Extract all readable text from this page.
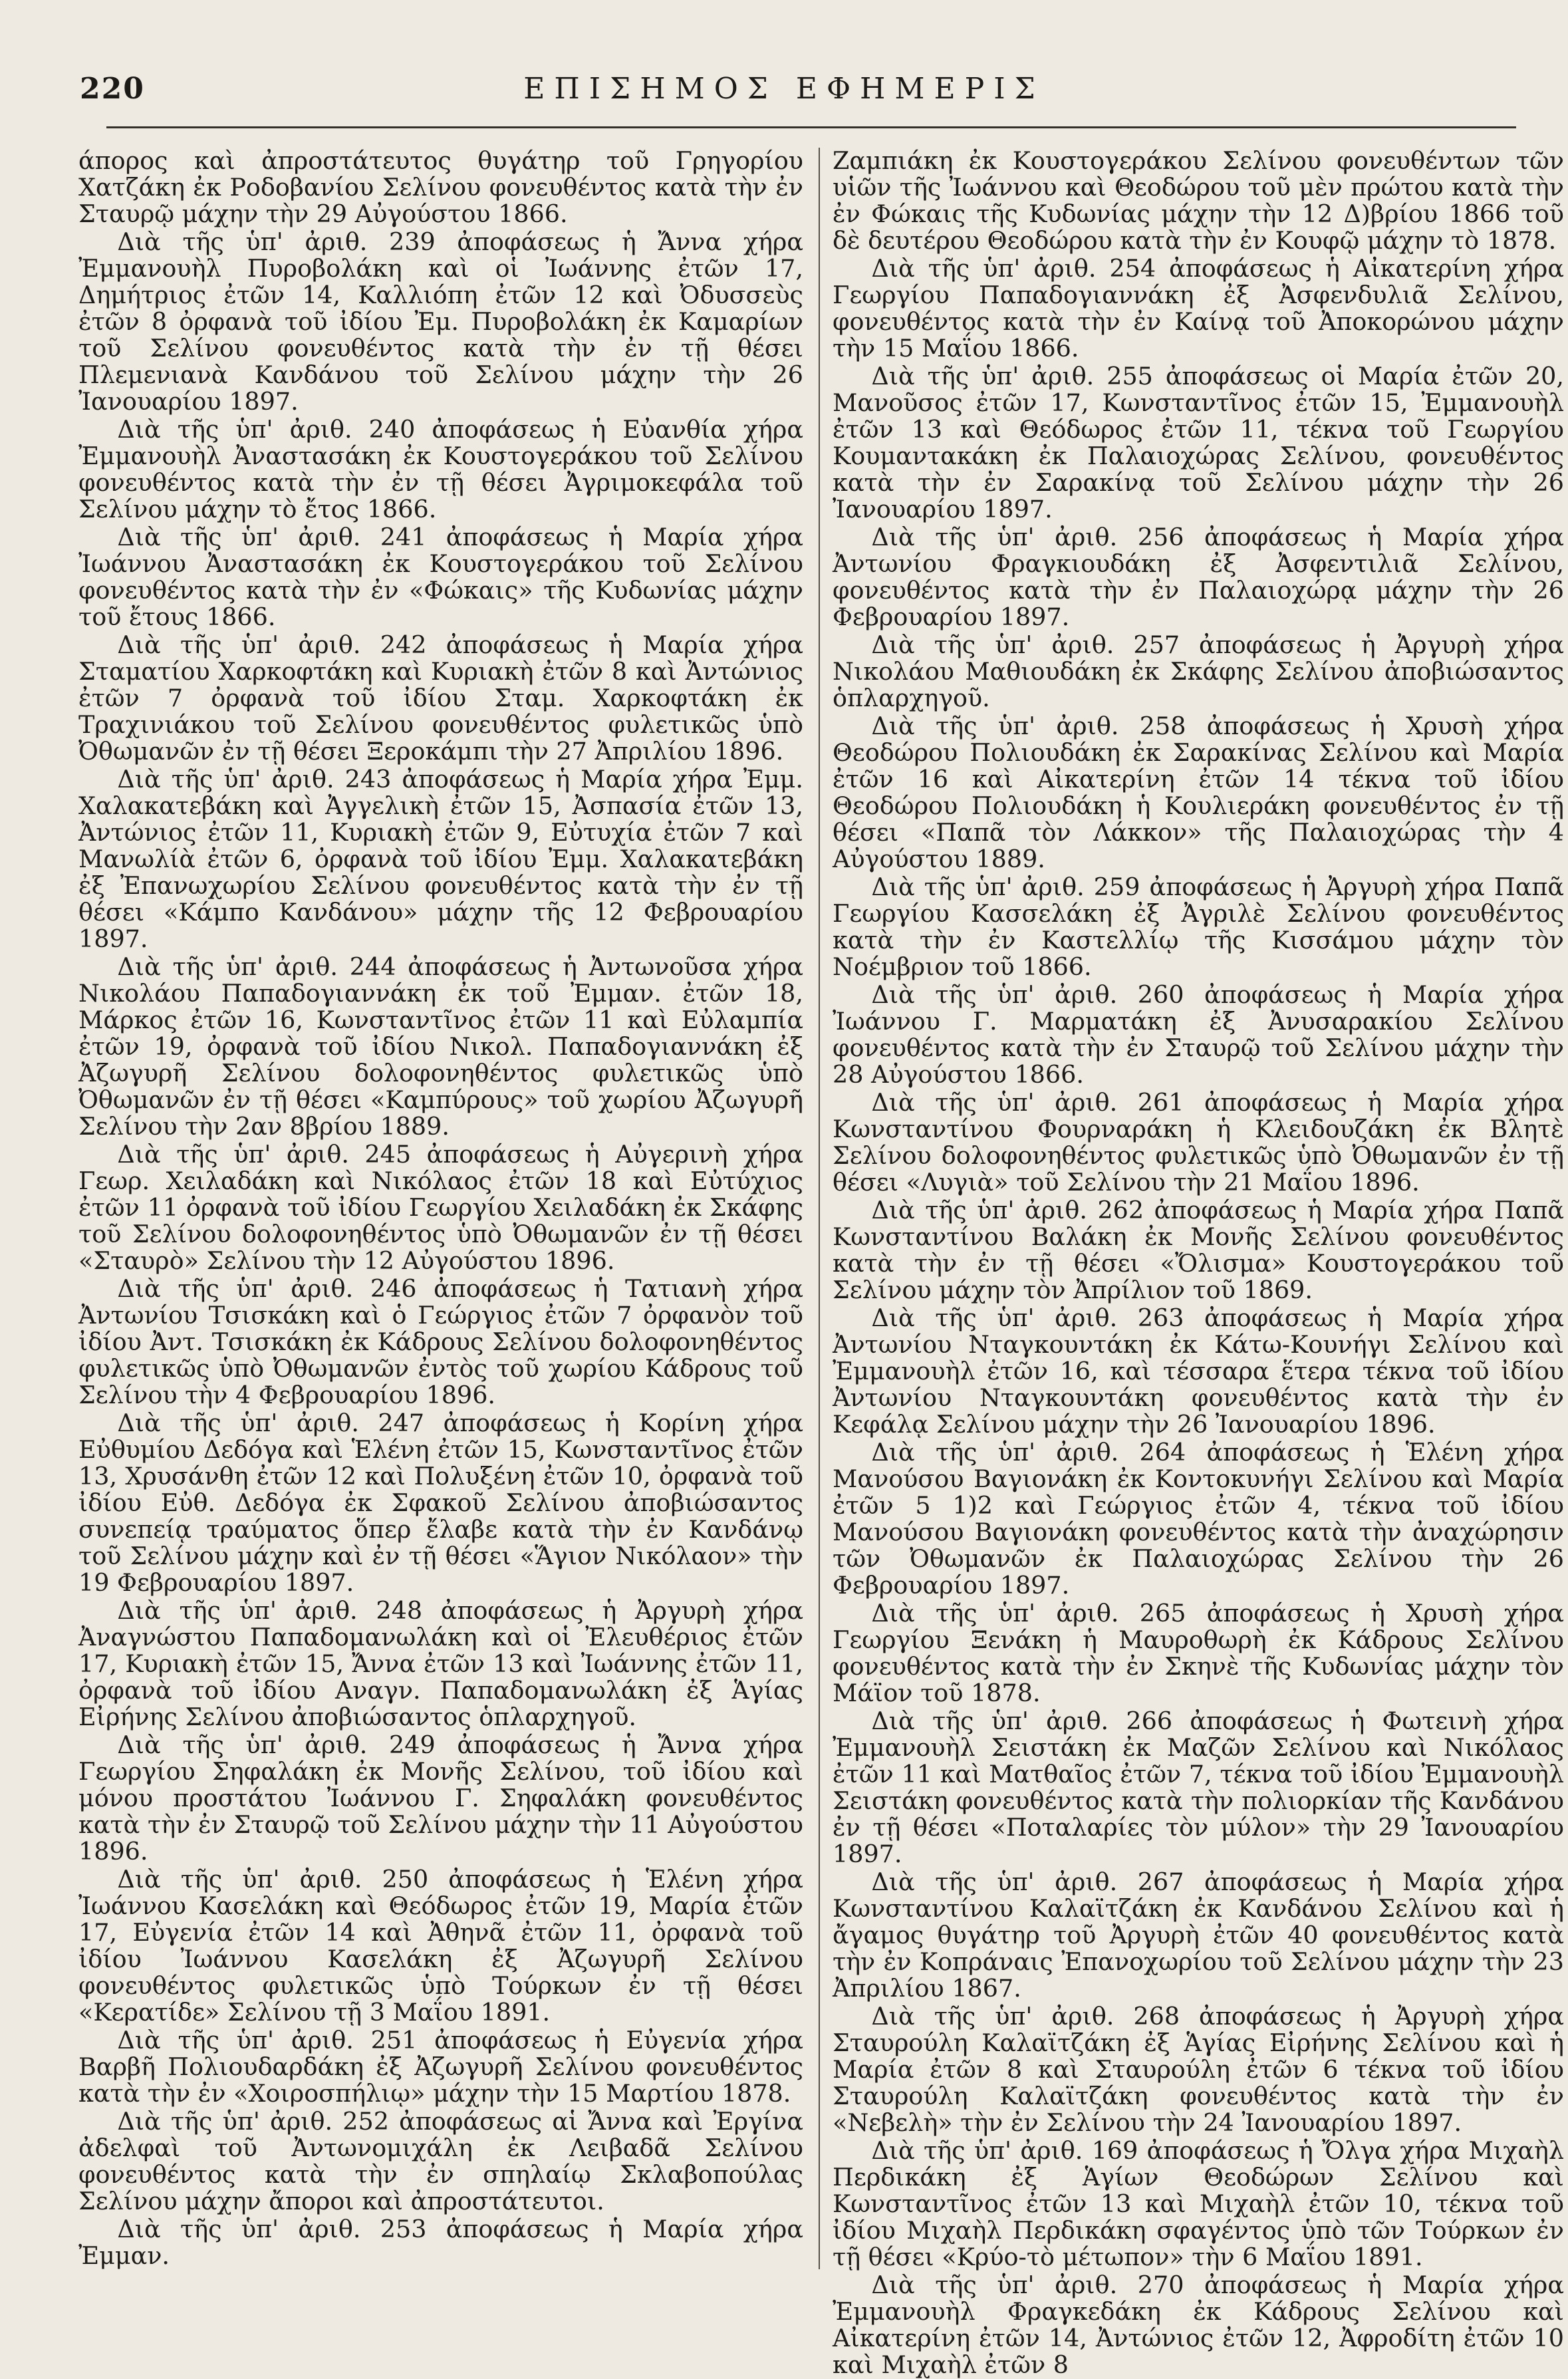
220	ΕΠΙΣΗΜΟΣ ΕΦΗΜΕΡΙΣ

άπορος καὶ ἀπροστάτευτος θυγάτηρ τοῦ Γρηγορίου Χατζάκη ἐκ Ροδοβανίου Σελίνου φονευθέντος κατὰ τὴν ἐν Σταυρῷ μάχην τὴν 29 Αὐγούστου 1866.

Διὰ τῆς ὑπ' ἀριθ. 239 ἀποφάσεως ἡ Ἄννα χήρα Ἐμμανουὴλ Πυροβολάκη καὶ οἱ Ἰωάννης ἐτῶν 17, Δημήτριος ἐτῶν 14, Καλλιόπη ἐτῶν 12 καὶ Ὀδυσσεὺς ἐτῶν 8 ὀρφανὰ τοῦ ἰδίου Ἐμ. Πυροβολάκη ἐκ Καμαρίων τοῦ Σελίνου φονευθέντος κατὰ τὴν ἐν τῇ θέσει Πλεμενιανὰ Κανδάνου τοῦ Σελίνου μάχην τὴν 26 Ἰανουαρίου 1897.

Διὰ τῆς ὑπ' ἀριθ. 240 ἀποφάσεως ἡ Εὐανθία χήρα Ἐμμανουὴλ Ἀναστασάκη ἐκ Κουστογεράκου τοῦ Σελίνου φονευθέντος κατὰ τὴν ἐν τῇ θέσει Ἀγριμοκεφάλα τοῦ Σελίνου μάχην τὸ ἔτος 1866.

Διὰ τῆς ὑπ' ἀριθ. 241 ἀποφάσεως ἡ Μαρία χήρα Ἰωάννου Ἀναστασάκη ἐκ Κουστογεράκου τοῦ Σελίνου φονευθέντος κατὰ τὴν ἐν «Φώκαις» τῆς Κυδωνίας μάχην τοῦ ἔτους 1866.

Διὰ τῆς ὑπ' ἀριθ. 242 ἀποφάσεως ἡ Μαρία χήρα Σταματίου Χαρκοφτάκη καὶ Κυριακὴ ἐτῶν 8 καὶ Ἀντώνιος ἐτῶν 7 ὀρφανὰ τοῦ ἰδίου Σταμ. Χαρκοφτάκη ἐκ Τραχινιάκου τοῦ Σελίνου φονευθέντος φυλετικῶς ὑπὸ Ὀθωμανῶν ἐν τῇ θέσει Ξεροκάμπι τὴν 27 Ἀπριλίου 1896.

Διὰ τῆς ὑπ' ἀριθ. 243 ἀποφάσεως ἡ Μαρία χήρα Ἐμμ. Χαλακατεβάκη καὶ Ἀγγελικὴ ἐτῶν 15, Ἀσπασία ἐτῶν 13, Ἀντώνιος ἐτῶν 11, Κυριακὴ ἐτῶν 9, Εὐτυχία ἐτῶν 7 καὶ Μανωλίὰ ἐτῶν 6, ὀρφανὰ τοῦ ἰδίου Ἐμμ. Χαλακατεβάκη ἐξ Ἐπανωχωρίου Σελίνου φονευθέντος κατὰ τὴν ἐν τῇ θέσει «Κάμπο Κανδάνου» μάχην τῆς 12 Φεβρουαρίου 1897.

Διὰ τῆς ὑπ' ἀριθ. 244 ἀποφάσεως ἡ Ἀντωνοῦσα χήρα Νικολάου Παπαδογιαννάκη ἐκ τοῦ Ἐμμαν. ἐτῶν 18, Μάρκος ἐτῶν 16, Κωνσταντῖνος ἐτῶν 11 καὶ Εὐλαμπία ἐτῶν 19, ὀρφανὰ τοῦ ἰδίου Νικολ. Παπαδογιαννάκη ἐξ Ἀζωγυρῆ Σελίνου δολοφονηθέντος φυλετικῶς ὑπὸ Ὀθωμανῶν ἐν τῇ θέσει «Καμπύρους» τοῦ χωρίου Ἀζωγυρῆ Σελίνου τὴν 2αν 8βρίου 1889.

Διὰ τῆς ὑπ' ἀριθ. 245 ἀποφάσεως ἡ Αὐγερινὴ χήρα Γεωρ. Χειλαδάκη καὶ Νικόλαος ἐτῶν 18 καὶ Εὐτύχιος ἐτῶν 11 ὀρφανὰ τοῦ ἰδίου Γεωργίου Χειλαδάκη ἐκ Σκάφης τοῦ Σελίνου δολοφονηθέντος ὑπὸ Ὀθωμανῶν ἐν τῇ θέσει «Σταυρὸ» Σελίνου τὴν 12 Αὐγούστου 1896.

Διὰ τῆς ὑπ' ἀριθ. 246 ἀποφάσεως ἡ Τατιανὴ χήρα Ἀντωνίου Τσισκάκη καὶ ὁ Γεώργιος ἐτῶν 7 ὀρφανὸν τοῦ ἰδίου Ἀντ. Τσισκάκη ἐκ Κάδρους Σελίνου δολοφονηθέντος φυλετικῶς ὑπὸ Ὀθωμανῶν ἐντὸς τοῦ χωρίου Κάδρους τοῦ Σελίνου τὴν 4 Φεβρουαρίου 1896.

Διὰ τῆς ὑπ' ἀριθ. 247 ἀποφάσεως ἡ Κορίνη χήρα Εὐθυμίου Δεδόγα καὶ Ἑλένη ἐτῶν 15, Κωνσταντῖνος ἐτῶν 13, Χρυσάνθη ἐτῶν 12 καὶ Πολυξένη ἐτῶν 10, ὀρφανὰ τοῦ ἰδίου Εὐθ. Δεδόγα ἐκ Σφακοῦ Σελίνου ἀποβιώσαντος συνεπείᾳ τραύματος ὅπερ ἔλαβε κατὰ τὴν ἐν Κανδάνῳ τοῦ Σελίνου μάχην καὶ ἐν τῇ θέσει «Ἅγιον Νικόλαον» τὴν 19 Φεβρουαρίου 1897.

Διὰ τῆς ὑπ' ἀριθ. 248 ἀποφάσεως ἡ Ἀργυρὴ χήρα Ἀναγνώστου Παπαδομανωλάκη καὶ οἱ Ἐλευθέριος ἐτῶν 17, Κυριακὴ ἐτῶν 15, Ἄννα ἐτῶν 13 καὶ Ἰωάννης ἐτῶν 11, ὀρφανὰ τοῦ ἰδίου Αναγν. Παπαδομανωλάκη ἐξ Ἁγίας Εἰρήνης Σελίνου ἀποβιώσαντος ὁπλαρχηγοῦ.

Διὰ τῆς ὑπ' ἀριθ. 249 ἀποφάσεως ἡ Ἄννα χήρα Γεωργίου Σηφαλάκη ἐκ Μονῆς Σελίνου, τοῦ ἰδίου καὶ μόνου προστάτου Ἰωάννου Γ. Σηφαλάκη φονευθέντος κατὰ τὴν ἐν Σταυρῷ τοῦ Σελίνου μάχην τὴν 11 Αὐγούστου 1896.

Διὰ τῆς ὑπ' ἀριθ. 250 ἀποφάσεως ἡ Ἑλένη χήρα Ἰωάννου Κασελάκη καὶ Θεόδωρος ἐτῶν 19, Μαρία ἐτῶν 17, Εὐγενία ἐτῶν 14 καὶ Ἀθηνᾶ ἐτῶν 11, ὀρφανὰ τοῦ ἰδίου Ἰωάννου Κασελάκη ἐξ Ἀζωγυρῆ Σελίνου φονευθέντος φυλετικῶς ὑπὸ Τούρκων ἐν τῇ θέσει «Κερατίδε» Σελίνου τῇ 3 Μαΐου 1891.

Διὰ τῆς ὑπ' ἀριθ. 251 ἀποφάσεως ἡ Εὐγενία χήρα Βαρβῆ Πολιουδαρδάκη ἐξ Ἀζωγυρῆ Σελίνου φονευθέντος κατὰ τὴν ἐν «Χοιροσπήλιῳ» μάχην τὴν 15 Μαρτίου 1878.

Διὰ τῆς ὑπ' ἀριθ. 252 ἀποφάσεως αἱ Ἄννα καὶ Ἐργίνα ἀδελφαὶ τοῦ Ἀντωνομιχάλη ἐκ Λειβαδᾶ Σελίνου φονευθέντος κατὰ τὴν ἐν σπηλαίῳ Σκλαβοπούλας Σελίνου μάχην ἄποροι καὶ ἀπροστάτευτοι.

Διὰ τῆς ὑπ' ἀριθ. 253 ἀποφάσεως ἡ Μαρία χήρα Ἐμμαν.

Ζαμπιάκη ἐκ Κουστογεράκου Σελίνου φονευθέντων τῶν υἱῶν τῆς Ἰωάννου καὶ Θεοδώρου τοῦ μὲν πρώτου κατὰ τὴν ἐν Φώκαις τῆς Κυδωνίας μάχην τὴν 12 Δ)βρίου 1866 τοῦ δὲ δευτέρου Θεοδώρου κατὰ τὴν ἐν Κουφῷ μάχην τὸ 1878.

Διὰ τῆς ὑπ' ἀριθ. 254 ἀποφάσεως ἡ Αἰκατερίνη χήρα Γεωργίου Παπαδογιαννάκη ἐξ Ἀσφενδυλιᾶ Σελίνου, φονευθέντος κατὰ τὴν ἐν Καίνᾳ τοῦ Ἀποκορώνου μάχην τὴν 15 Μαΐου 1866.

Διὰ τῆς ὑπ' ἀριθ. 255 ἀποφάσεως οἱ Μαρία ἐτῶν 20, Μανοῦσος ἐτῶν 17, Κωνσταντῖνος ἐτῶν 15, Ἐμμανουὴλ ἐτῶν 13 καὶ Θεόδωρος ἐτῶν 11, τέκνα τοῦ Γεωργίου Κουμαντακάκη ἐκ Παλαιοχώρας Σελίνου, φονευθέντος κατὰ τὴν ἐν Σαρακίνᾳ τοῦ Σελίνου μάχην τὴν 26 Ἰανουαρίου 1897.

Διὰ τῆς ὑπ' ἀριθ. 256 ἀποφάσεως ἡ Μαρία χήρα Ἀντωνίου Φραγκιουδάκη ἐξ Ἀσφεντιλιᾶ Σελίνου, φονευθέντος κατὰ τὴν ἐν Παλαιοχώρᾳ μάχην τὴν 26 Φεβρουαρίου 1897.

Διὰ τῆς ὑπ' ἀριθ. 257 ἀποφάσεως ἡ Ἀργυρὴ χήρα Νικολάου Μαθιουδάκη ἐκ Σκάφης Σελίνου ἀποβιώσαντος ὁπλαρχηγοῦ.

Διὰ τῆς ὑπ' ἀριθ. 258 ἀποφάσεως ἡ Χρυσὴ χήρα Θεοδώρου Πολιουδάκη ἐκ Σαρακίνας Σελίνου καὶ Μαρία ἐτῶν 16 καὶ Αἰκατερίνη ἐτῶν 14 τέκνα τοῦ ἰδίου Θεοδώρου Πολιουδάκη ἡ Κουλιεράκη φονευθέντος ἐν τῇ θέσει «Παπᾶ τὸν Λάκκον» τῆς Παλαιοχώρας τὴν 4 Αὐγούστου 1889.

Διὰ τῆς ὑπ' ἀριθ. 259 ἀποφάσεως ἡ Ἀργυρὴ χήρα Παπᾶ Γεωργίου Κασσελάκη ἐξ Ἀγριλὲ Σελίνου φονευθέντος κατὰ τὴν ἐν Καστελλίῳ τῆς Κισσάμου μάχην τὸν Νοέμβριον τοῦ 1866.

Διὰ τῆς ὑπ' ἀριθ. 260 ἀποφάσεως ἡ Μαρία χήρα Ἰωάννου Γ. Μαρματάκη ἐξ Ἀνυσαρακίου Σελίνου φονευθέντος κατὰ τὴν ἐν Σταυρῷ τοῦ Σελίνου μάχην τὴν 28 Αὐγούστου 1866.

Διὰ τῆς ὑπ' ἀριθ. 261 ἀποφάσεως ἡ Μαρία χήρα Κωνσταντίνου Φουρναράκη ἡ Κλειδουζάκη ἐκ Βλητὲ Σελίνου δολοφονηθέντος φυλετικῶς ὑπὸ Ὀθωμανῶν ἐν τῇ θέσει «Λυγιὰ» τοῦ Σελίνου τὴν 21 Μαΐου 1896.

Διὰ τῆς ὑπ' ἀριθ. 262 ἀποφάσεως ἡ Μαρία χήρα Παπᾶ Κωνσταντίνου Βαλάκη ἐκ Μονῆς Σελίνου φονευθέντος κατὰ τὴν ἐν τῇ θέσει «Ὄλισμα» Κουστογεράκου τοῦ Σελίνου μάχην τὸν Ἀπρίλιον τοῦ 1869.

Διὰ τῆς ὑπ' ἀριθ. 263 ἀποφάσεως ἡ Μαρία χήρα Ἀντωνίου Νταγκουντάκη ἐκ Κάτω-Κουνήγι Σελίνου καὶ Ἐμμανουὴλ ἐτῶν 16, καὶ τέσσαρα ἕτερα τέκνα τοῦ ἰδίου Ἀντωνίου Νταγκουντάκη φονευθέντος κατὰ τὴν ἐν Κεφάλᾳ Σελίνου μάχην τὴν 26 Ἰανουαρίου 1896.

Διὰ τῆς ὑπ' ἀριθ. 264 ἀποφάσεως ἡ Ἑλένη χήρα Μανούσου Βαγιονάκη ἐκ Κοντοκυνήγι Σελίνου καὶ Μαρία ἐτῶν 5 1)2 καὶ Γεώργιος ἐτῶν 4, τέκνα τοῦ ἰδίου Μανούσου Βαγιονάκη φονευθέντος κατὰ τὴν ἀναχώρησιν τῶν Ὀθωμανῶν ἐκ Παλαιοχώρας Σελίνου τὴν 26 Φεβρουαρίου 1897.

Διὰ τῆς ὑπ' ἀριθ. 265 ἀποφάσεως ἡ Χρυσὴ χήρα Γεωργίου Ξενάκη ἡ Μαυροθωρὴ ἐκ Κάδρους Σελίνου φονευθέντος κατὰ τὴν ἐν Σκηνὲ τῆς Κυδωνίας μάχην τὸν Μάϊον τοῦ 1878.

Διὰ τῆς ὑπ' ἀριθ. 266 ἀποφάσεως ἡ Φωτεινὴ χήρα Ἐμμανουὴλ Σειστάκη ἐκ Μαζῶν Σελίνου καὶ Νικόλαος ἐτῶν 11 καὶ Ματθαῖος ἐτῶν 7, τέκνα τοῦ ἰδίου Ἐμμανουὴλ Σειστάκη φονευθέντος κατὰ τὴν πολιορκίαν τῆς Κανδάνου ἐν τῇ θέσει «Ποταλαρίες τὸν μύλον» τὴν 29 Ἰανουαρίου 1897.

Διὰ τῆς ὑπ' ἀριθ. 267 ἀποφάσεως ἡ Μαρία χήρα Κωνσταντίνου Καλαϊτζάκη ἐκ Κανδάνου Σελίνου καὶ ἡ ἄγαμος θυγάτηρ τοῦ Ἀργυρὴ ἐτῶν 40 φονευθέντος κατὰ τὴν ἐν Κοπράναις Ἐπανοχωρίου τοῦ Σελίνου μάχην τὴν 23 Ἀπριλίου 1867.

Διὰ τῆς ὑπ' ἀριθ. 268 ἀποφάσεως ἡ Ἀργυρὴ χήρα Σταυρούλη Καλαϊτζάκη ἐξ Ἁγίας Εἰρήνης Σελίνου καὶ ἡ Μαρία ἐτῶν 8 καὶ Σταυρούλη ἐτῶν 6 τέκνα τοῦ ἰδίου Σταυρούλη Καλαϊτζάκη φονευθέντος κατὰ τὴν ἐν «Νεβελὴ» τὴν ἐν Σελίνου τὴν 24 Ἰανουαρίου 1897.

Διὰ τῆς ὑπ' ἀριθ. 169 ἀποφάσεως ἡ Ὄλγα χήρα Μιχαὴλ Περδικάκη ἐξ Ἁγίων Θεοδώρων Σελίνου καὶ Κωνσταντῖνος ἐτῶν 13 καὶ Μιχαὴλ ἐτῶν 10, τέκνα τοῦ ἰδίου Μιχαὴλ Περδικάκη σφαγέντος ὑπὸ τῶν Τούρκων ἐν τῇ θέσει «Κρύο-τὸ μέτωπον» τὴν 6 Μαΐου 1891.

Διὰ τῆς ὑπ' ἀριθ. 270 ἀποφάσεως ἡ Μαρία χήρα Ἐμμανουὴλ Φραγκεδάκη ἐκ Κάδρους Σελίνου καὶ Αἰκατερίνη ἐτῶν 14, Ἀντώνιος ἐτῶν 12, Ἀφροδίτη ἐτῶν 10 καὶ Μιχαὴλ ἐτῶν 8
